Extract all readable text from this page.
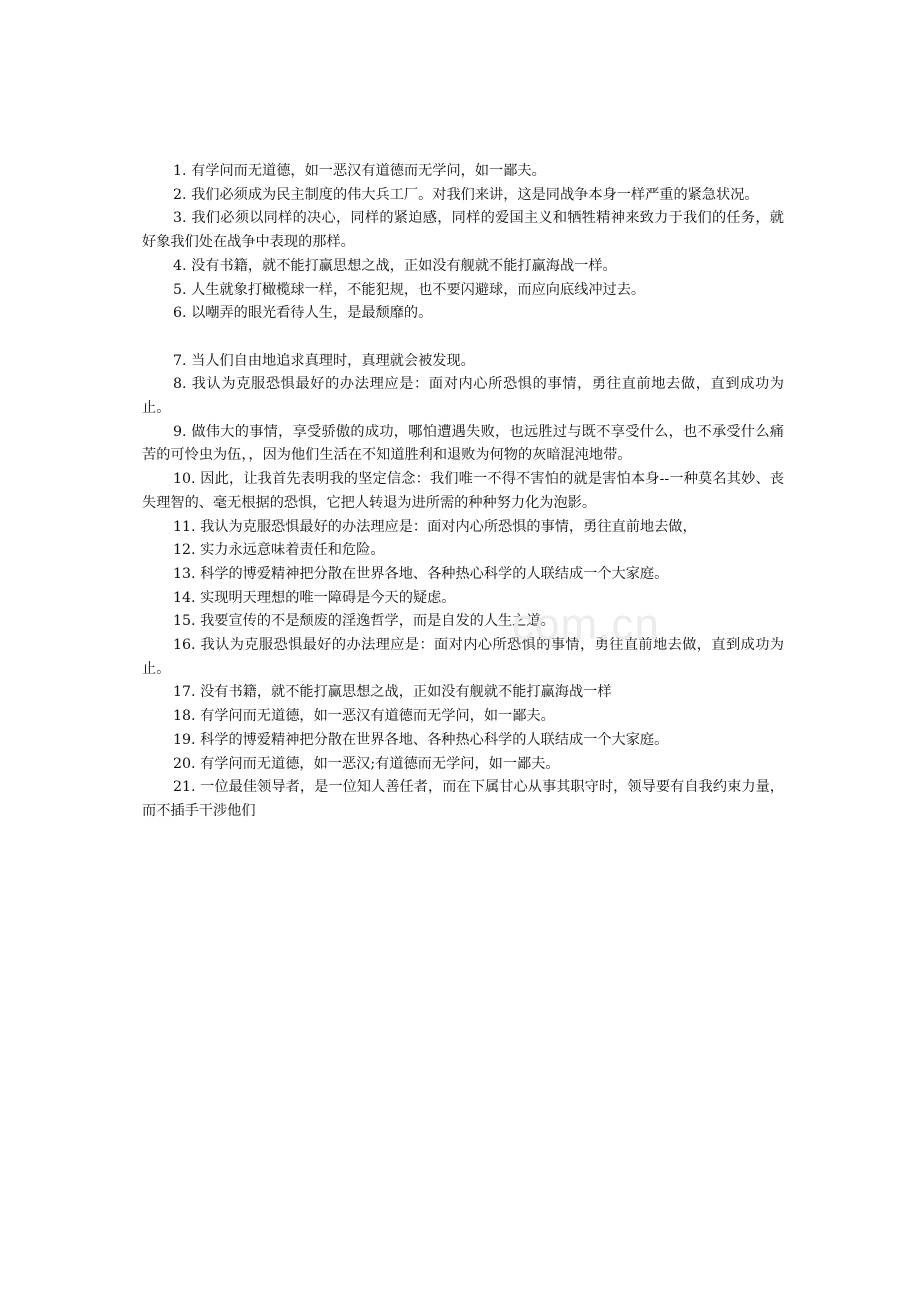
1. 有学问而无道德，如一恶汉有道德而无学问，如一鄙夫。

2. 我们必须成为民主制度的伟大兵工厂。对我们来讲，这是同战争本身一样严重的紧急状况。

3. 我们必须以同样的决心，同样的紧迫感，同样的爱国主义和牺牲精神来致力于我们的任务，就好象我们处在战争中表现的那样。

4. 没有书籍，就不能打赢思想之战，正如没有舰就不能打赢海战一样。

5. 人生就象打橄榄球一样，不能犯规，也不要闪避球，而应向底线冲过去。

6. 以嘲弄的眼光看待人生，是最颓靡的。

7. 当人们自由地追求真理时，真理就会被发现。

8. 我认为克服恐惧最好的办法理应是：面对内心所恐惧的事情，勇往直前地去做，直到成功为止。

9. 做伟大的事情，享受骄傲的成功，哪怕遭遇失败，也远胜过与既不享受什么，也不承受什么痛苦的可怜虫为伍，，因为他们生活在不知道胜利和退败为何物的灰暗混沌地带。

10. 因此，让我首先表明我的坚定信念：我们唯一不得不害怕的就是害怕本身--一种莫名其妙、丧失理智的、毫无根据的恐惧，它把人转退为进所需的种种努力化为泡影。

11. 我认为克服恐惧最好的办法理应是：面对内心所恐惧的事情，勇往直前地去做，

12. 实力永远意味着责任和危险。

13. 科学的博爱精神把分散在世界各地、各种热心科学的人联结成一个大家庭。

14. 实现明天理想的唯一障碍是今天的疑虑。

15. 我要宣传的不是颓废的淫逸哲学，而是自发的人生之道。

16. 我认为克服恐惧最好的办法理应是：面对内心所恐惧的事情，勇往直前地去做，直到成功为止。

17. 没有书籍，就不能打赢思想之战，正如没有舰就不能打赢海战一样

18. 有学问而无道德，如一恶汉有道德而无学问，如一鄙夫。

19. 科学的博爱精神把分散在世界各地、各种热心科学的人联结成一个大家庭。

20. 有学问而无道德，如一恶汉;有道德而无学问，如一鄙夫。

21. 一位最佳领导者，是一位知人善任者，而在下属甘心从事其职守时，领导要有自我约束力量，而不插手干涉他们

com.cn
